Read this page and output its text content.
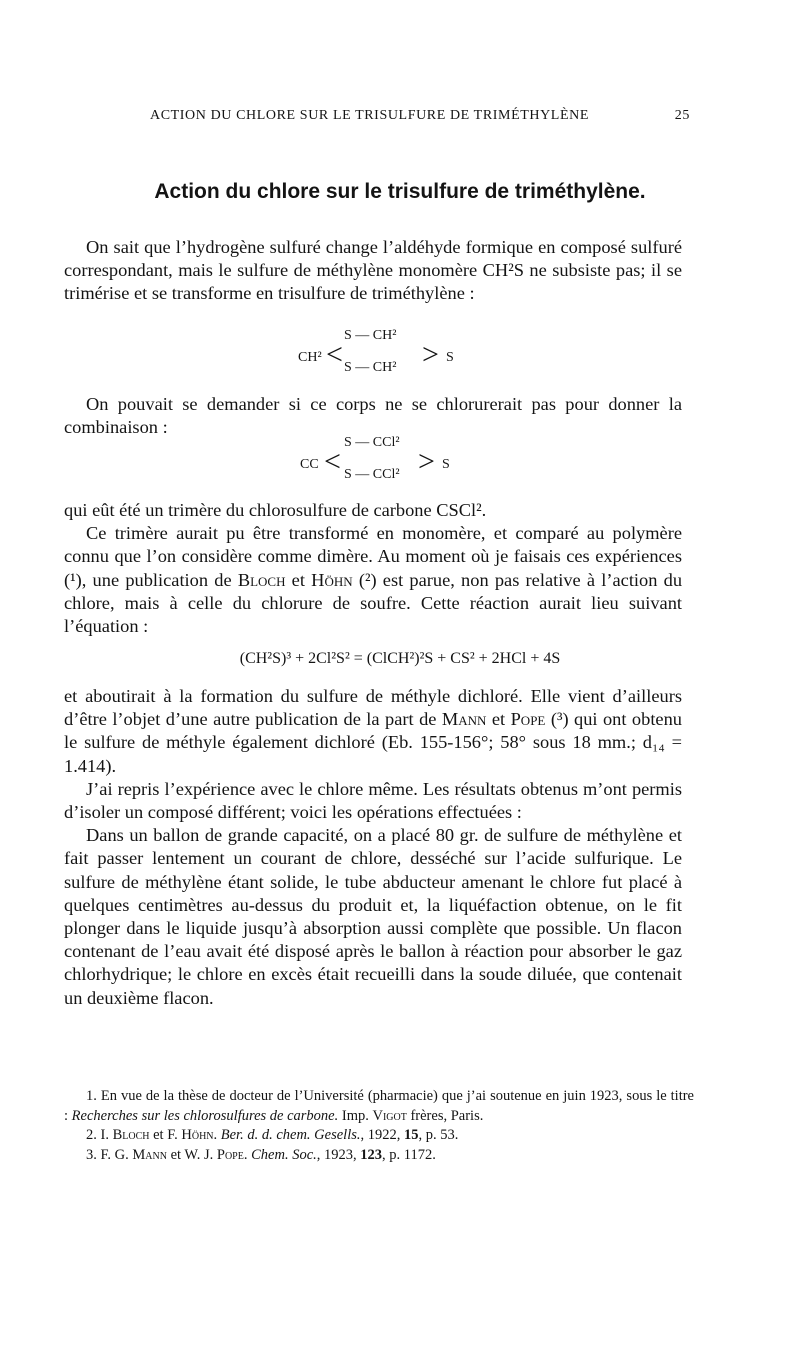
ACTION DU CHLORE SUR LE TRISULFURE DE TRIMÉTHYLÈNE	25
Action du chlore sur le trisulfure de triméthylène.

On sait que l’hydrogène sulfuré change l’aldéhyde formique en composé sulfuré correspondant, mais le sulfure de méthylène monomère CH²S ne subsiste pas; il se trimérise et se transforme en trisulfure de triméthylène :

S — CH²
CH² < S — CH² > S

On pouvait se demander si ce corps ne se chlorurerait pas pour donner la combinaison :

S — CCl²
CC < S — CCl² > S

qui eût été un trimère du chlorosulfure de carbone CSCl².

Ce trimère aurait pu être transformé en monomère, et comparé au polymère connu que l’on considère comme dimère. Au moment où je faisais ces expériences (¹), une publication de Bloch et Höhn (²) est parue, non pas relative à l’action du chlore, mais à celle du chlorure de soufre. Cette réaction aurait lieu suivant l’équation :

(CH²S)³ + 2Cl²S² = (ClCH²)²S + CS² + 2HCl + 4S

et aboutirait à la formation du sulfure de méthyle dichloré. Elle vient d’ailleurs d’être l’objet d’une autre publication de la part de Mann et Pope (³) qui ont obtenu le sulfure de méthyle également dichloré (Eb. 155-156°; 58° sous 18 mm.; d₁₄ = 1.414).

J’ai repris l’expérience avec le chlore même. Les résultats obtenus m’ont permis d’isoler un composé différent; voici les opérations effectuées :

Dans un ballon de grande capacité, on a placé 80 gr. de sulfure de méthylène et fait passer lentement un courant de chlore, desséché sur l’acide sulfurique. Le sulfure de méthylène étant solide, le tube abducteur amenant le chlore fut placé à quelques centimètres au-dessus du produit et, la liquéfaction obtenue, on le fit plonger dans le liquide jusqu’à absorption aussi complète que possible. Un flacon contenant de l’eau avait été disposé après le ballon à réaction pour absorber le gaz chlorhydrique; le chlore en excès était recueilli dans la soude diluée, que contenait un deuxième flacon.

1. En vue de la thèse de docteur de l’Université (pharmacie) que j’ai soutenue en juin 1923, sous le titre : Recherches sur les chlorosulfures de carbone. Imp. Vigot frères, Paris.

2. I. Bloch et F. Höhn. Ber. d. d. chem. Gesells., 1922, 15, p. 53.

3. F. G. Mann et W. J. Pope. Chem. Soc., 1923, 123, p. 1172.
